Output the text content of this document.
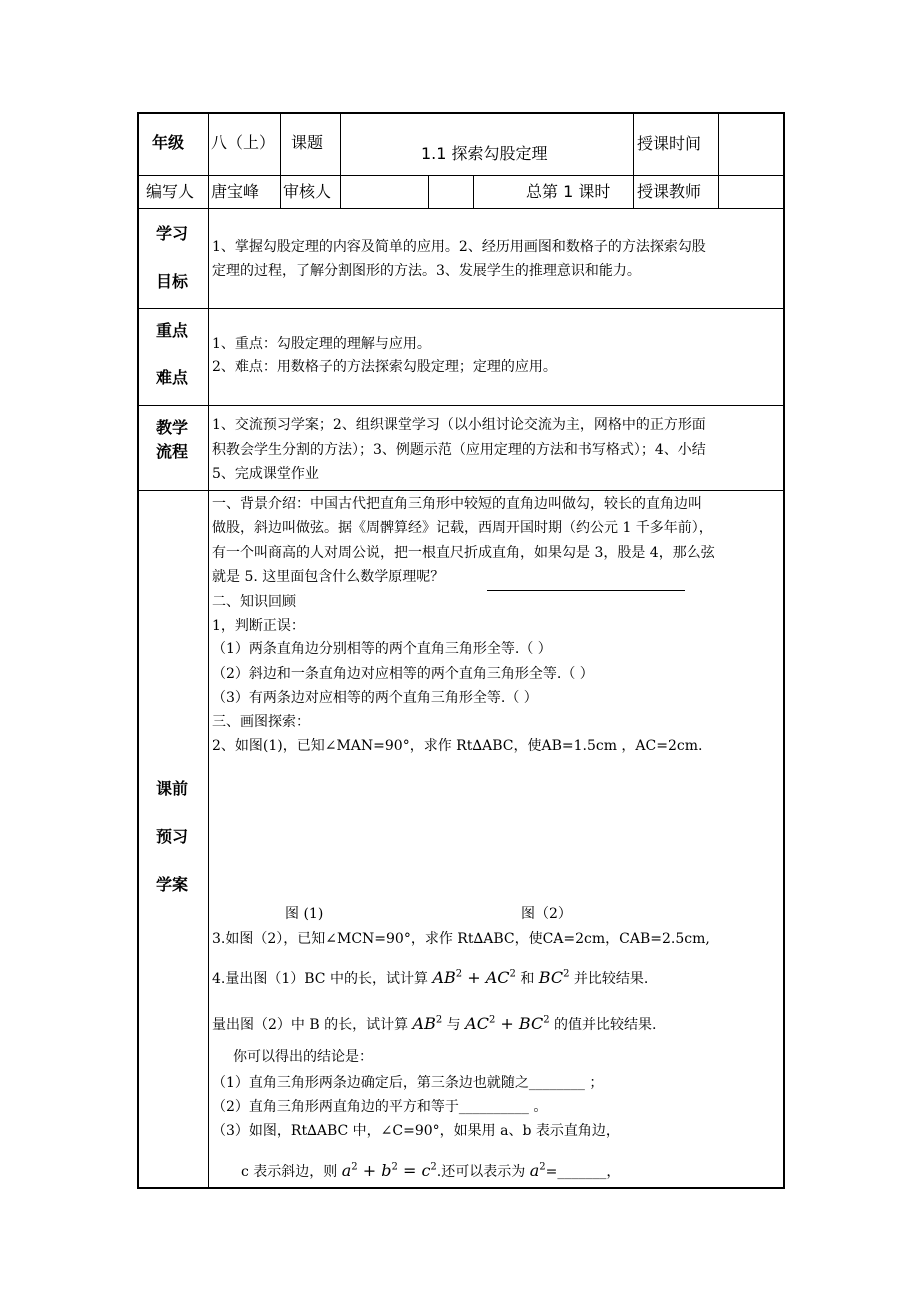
年级 八（上） 课题
1.1 探索勾股定理
授课时间
编写人 唐宝峰 审核人	总第 1 课时 授课教师
学习
目标
1、掌握勾股定理的内容及简单的应用。2、经历用画图和数格子的方法探索勾股
定理的过程，了解分割图形的方法。3、发展学生的推理意识和能力。
重点
难点
1、重点：勾股定理的理解与应用。
2、难点：用数格子的方法探索勾股定理；定理的应用。
教学
流程
1、交流预习学案；2、组织课堂学习（以小组讨论交流为主，网格中的正方形面
积教会学生分割的方法）；3、例题示范（应用定理的方法和书写格式）；4、小结
5、完成课堂作业
课前
预习
学案
一、背景介绍：中国古代把直角三角形中较短的直角边叫做勾，较长的直角边叫
做股，斜边叫做弦。据《周髀算经》记载，西周开国时期（约公元 1 千多年前），
有一个叫商高的人对周公说，把一根直尺折成直角，如果勾是 3，股是 4，那么弦
就是 5. 这里面包含什么数学原理呢？
二、知识回顾
1，判断正误：
（1）两条直角边分别相等的两个直角三角形全等.（ ）
（2）斜边和一条直角边对应相等的两个直角三角形全等.（ ）
（3）有两条边对应相等的两个直角三角形全等.（ ）
三、画图探索：
2、如图(1)，已知∠MAN=90°，求作 Rt∆ABC，使AB=1.5cm ，AC=2cm.
图 (1)	图（2）
3.如图（2），已知∠MCN=90°，求作 Rt∆ABC，使CA=2cm，CAB=2.5cm,
4.量出图（1）BC 中的长，试计算 $AB^2 + AC^2$ 和 $BC^2$ 并比较结果.
量出图（2）中 B 的长，试计算 $AB^2$ 与 $AC^2 + BC^2$ 的值并比较结果.
你可以得出的结论是：
（1）直角三角形两条边确定后，第三条边也就随之________ ；
（2）直角三角形两直角边的平方和等于__________ 。
（3）如图，Rt∆ABC 中，∠C=90°，如果用 a、b 表示直角边，
c 表示斜边，则 $a^2 + b^2 = c^2$.还可以表示为 $a^2=\_\_\_\_\_\_\_$，
